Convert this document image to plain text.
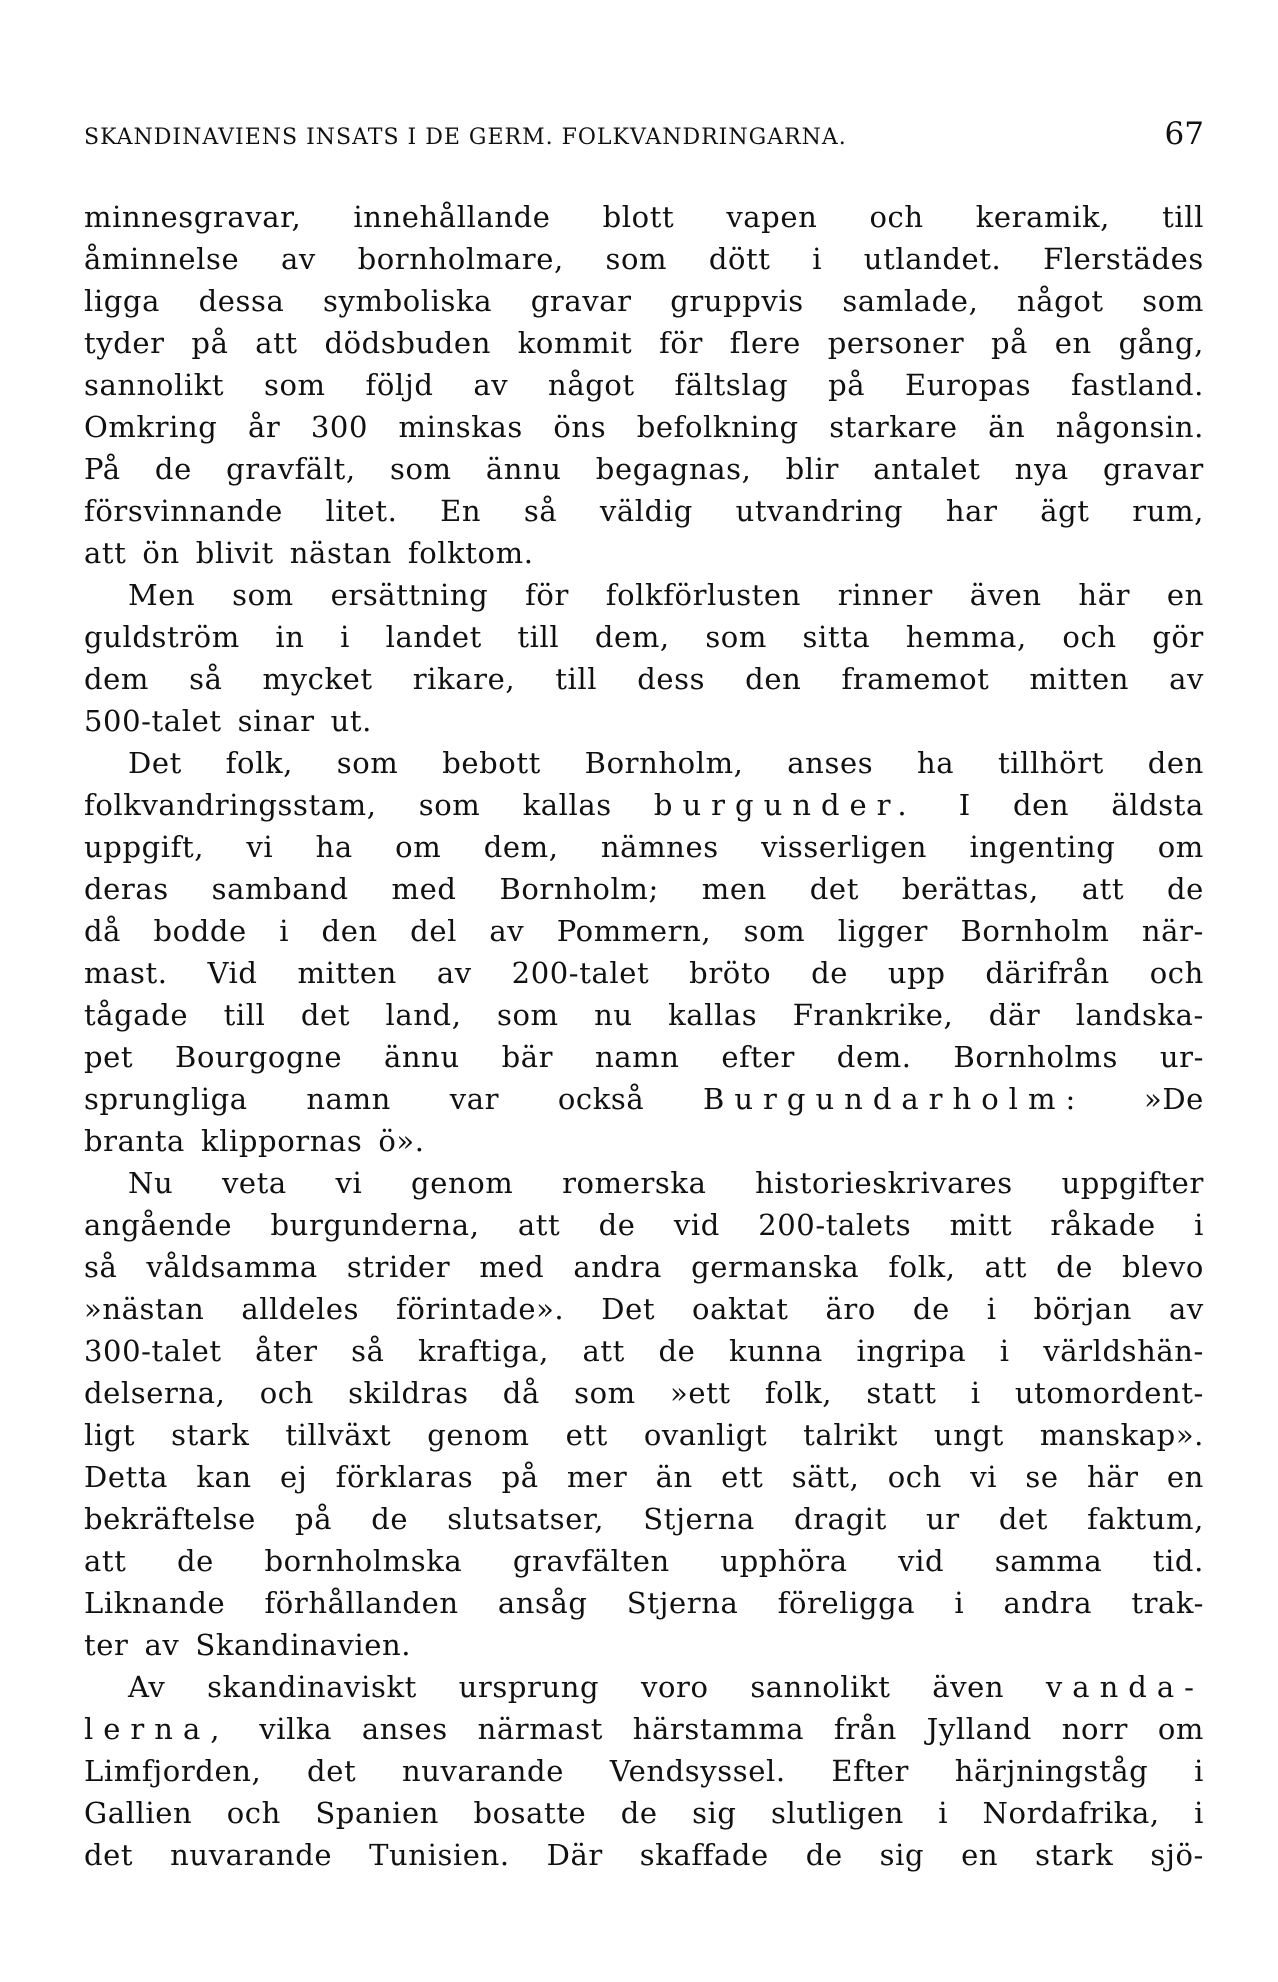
SKANDINAVIENS INSATS I DE GERM. FOLKVANDRINGARNA.	67
minnesgravar, innehållande blott vapen och keramik, till
åminnelse av bornholmare, som dött i utlandet. Flerstädes
ligga dessa symboliska gravar gruppvis samlade, något som
tyder på att dödsbuden kommit för flere personer på en gång,
sannolikt som följd av något fältslag på Europas fastland.
Omkring år 300 minskas öns befolkning starkare än någonsin.
På de gravfält, som ännu begagnas, blir antalet nya gravar
försvinnande litet. En så väldig utvandring har ägt rum,
att ön blivit nästan folktom.
Men som ersättning för folkförlusten rinner även här en
guldström in i landet till dem, som sitta hemma, och gör
dem så mycket rikare, till dess den framemot mitten av
500-talet sinar ut.
Det folk, som bebott Bornholm, anses ha tillhört den
folkvandringsstam, som kallas burgunder. I den äldsta
uppgift, vi ha om dem, nämnes visserligen ingenting om
deras samband med Bornholm; men det berättas, att de
då bodde i den del av Pommern, som ligger Bornholm när-
mast. Vid mitten av 200-talet bröto de upp därifrån och
tågade till det land, som nu kallas Frankrike, där landska-
pet Bourgogne ännu bär namn efter dem. Bornholms ur-
sprungliga namn var också Burgundarholm: »De
branta klippornas ö».
Nu veta vi genom romerska historieskrivares uppgifter
angående burgunderna, att de vid 200-talets mitt råkade i
så våldsamma strider med andra germanska folk, att de blevo
»nästan alldeles förintade». Det oaktat äro de i början av
300-talet åter så kraftiga, att de kunna ingripa i världshän-
delserna, och skildras då som »ett folk, statt i utomordent-
ligt stark tillväxt genom ett ovanligt talrikt ungt manskap».
Detta kan ej förklaras på mer än ett sätt, och vi se här en
bekräftelse på de slutsatser, Stjerna dragit ur det faktum,
att de bornholmska gravfälten upphöra vid samma tid.
Liknande förhållanden ansåg Stjerna föreligga i andra trak-
ter av Skandinavien.
Av skandinaviskt ursprung voro sannolikt även vanda-
lerna, vilka anses närmast härstamma från Jylland norr om
Limfjorden, det nuvarande Vendsyssel. Efter härjningståg i
Gallien och Spanien bosatte de sig slutligen i Nordafrika, i
det nuvarande Tunisien. Där skaffade de sig en stark sjö-
